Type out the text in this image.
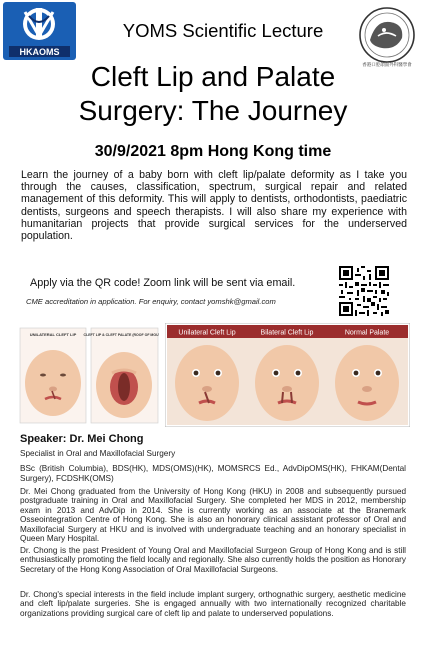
HKAOMS
YOMS Scientific Lecture
香港口腔頜面外科醫學會
Cleft Lip and Palate
Surgery: The Journey
30/9/2021 8pm Hong Kong time
Learn the journey of a baby born with cleft lip/palate deformity as I take you through the causes, classification, spectrum, surgical repair and related management of this deformity. This will apply to dentists, orthodontists, paediatric dentists, surgeons and speech therapists. I will also share my experience with humanitarian projects that provide surgical services for the underserved population.
Apply via the QR code! Zoom link will be sent via email.
CME accreditation in application. For enquiry, contact yomshk@gmail.com
UNILATERAL CLEFT LIP CLEFT LIP & CLEFT PALATE (ROOF OF MOUTH) Unilateral Cleft Lip	Bilateral Cleft Lip	Normal Palate
Speaker: Dr. Mei Chong
Specialist in Oral and Maxillofacial Surgery
BSc (British Columbia), BDS(HK), MDS(OMS)(HK), MOMSRCS Ed., AdvDipOMS(HK), FHKAM(Dental Surgery), FCDSHK(OMS)
Dr. Mei Chong graduated from the University of Hong Kong (HKU) in 2008 and subsequently pursued postgraduate training in Oral and Maxillofacial Surgery. She completed her MDS in 2012, membership exam in 2013 and AdvDip in 2014. She is currently working as an associate at the Branemark Osseointegration Centre of Hong Kong. She is also an honorary clinical assistant professor of Oral and Maxillofacial Surgery at HKU and is involved with undergraduate teaching and an honorary specialist in Queen Mary Hospital.
Dr. Chong is the past President of Young Oral and Maxillofacial Surgeon Group of Hong Kong and is still enthusiastically promoting the field locally and regionally. She also currently holds the position as Honorary Secretary of the Hong Kong Association of Oral Maxillofacial Surgeons.
Dr. Chong's special interests in the field include implant surgery, orthognathic surgery, aesthetic medicine and cleft lip/palate surgeries. She is engaged annually with two internationally recognized charitable organizations providing surgical care of cleft lip and palate to underserved populations.
